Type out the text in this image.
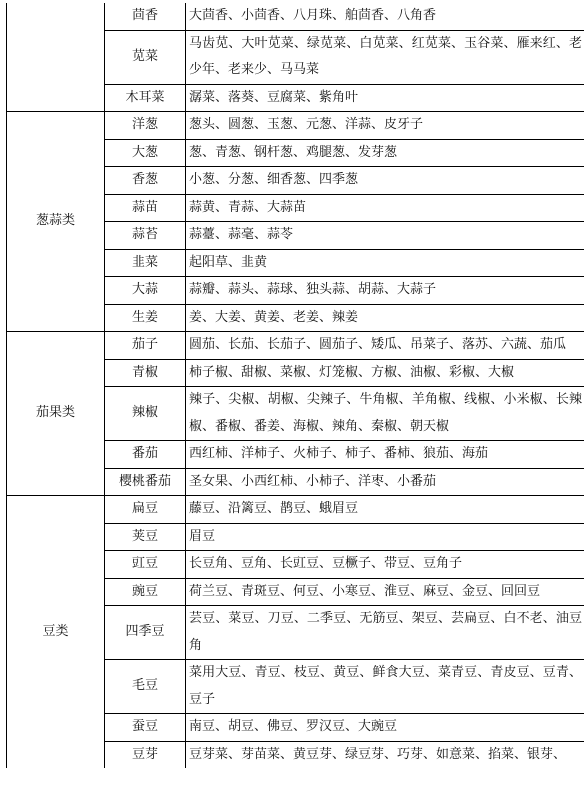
	茴香	大茴香、小茴香、八月珠、舶茴香、八角香
	苋菜	马齿苋、大叶苋菜、绿苋菜、白苋菜、红苋菜、玉谷菜、雁来红、老少年、老来少、马马菜
	木耳菜	潺菜、落葵、豆腐菜、紫角叶
葱蒜类	洋葱	葱头、圆葱、玉葱、元葱、洋蒜、皮牙子
	大葱	葱、青葱、钢杆葱、鸡腿葱、发芽葱
	香葱	小葱、分葱、细香葱、四季葱
	蒜苗	蒜黄、青蒜、大蒜苗
	蒜苔	蒜薹、蒜毫、蒜苓
	韭菜	起阳草、韭黄
	大蒜	蒜瓣、蒜头、蒜球、独头蒜、胡蒜、大蒜子
	生姜	姜、大姜、黄姜、老姜、辣姜
茄果类	茄子	圆茄、长茄、长茄子、圆茄子、矮瓜、吊菜子、落苏、六蔬、茄瓜
	青椒	柿子椒、甜椒、菜椒、灯笼椒、方椒、油椒、彩椒、大椒
	辣椒	辣子、尖椒、胡椒、尖辣子、牛角椒、羊角椒、线椒、小米椒、长辣椒、番椒、番姜、海椒、辣角、秦椒、朝天椒
	番茄	西红柿、洋柿子、火柿子、柿子、番柿、狼茄、海茄
	樱桃番茄	圣女果、小西红柿、小柿子、洋枣、小番茄
豆类	扁豆	藤豆、沿篱豆、鹊豆、蛾眉豆
	荚豆	眉豆
	豇豆	长豆角、豆角、长豇豆、豆橛子、带豆、豆角子
	豌豆	荷兰豆、青斑豆、何豆、小寒豆、淮豆、麻豆、金豆、回回豆
	四季豆	芸豆、菜豆、刀豆、二季豆、无筋豆、架豆、芸扁豆、白不老、油豆角
	毛豆	菜用大豆、青豆、枝豆、黄豆、鲜食大豆、菜青豆、青皮豆、豆青、豆子
	蚕豆	南豆、胡豆、佛豆、罗汉豆、大豌豆
	豆芽	豆芽菜、芽苗菜、黄豆芽、绿豆芽、巧芽、如意菜、掐菜、银芽、
